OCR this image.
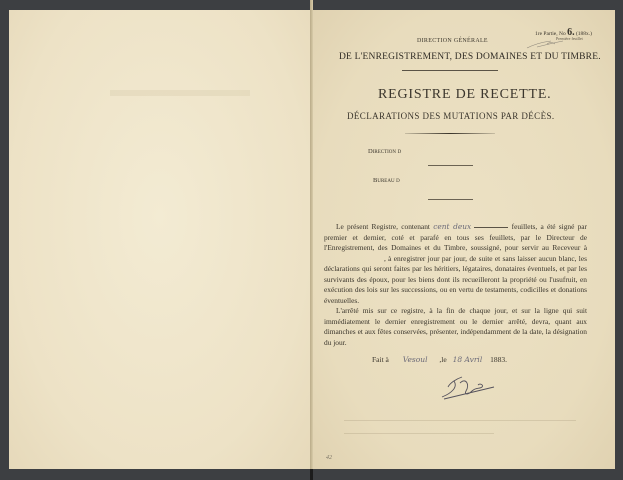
1re Partie, No 6. (188x.)
Première feuillet
DIRECTION GÉNÉRALE
DE L'ENREGISTREMENT, DES DOMAINES ET DU TIMBRE.
REGISTRE DE RECETTE.
DÉCLARATIONS DES MUTATIONS PAR DÉCÈS.
Direction d
Bureau d

Le présent Registre, contenant cent deux	feuillets, a été signé par premier et dernier, coté et parafé en tous ses feuillets, par le Directeur de l'Enregistrement, des Domaines et du Timbre, soussigné, pour servir au Receveur à , à enregistrer jour par jour, de suite et sans laisser aucun blanc, les déclarations qui seront faites par les héritiers, légataires, donataires éventuels, et par les survivants des époux, pour les biens dont ils recueilleront la propriété ou l'usufruit, en exécution des lois sur les successions, ou en vertu de testaments, codicilles et donations éventuelles.

L'arrêté mis sur ce registre, à la fin de chaque jour, et sur la ligne qui suit immédiatement le dernier enregistrement ou le dernier arrêté, devra, quant aux dimanches et aux fêtes conservées, présenter, indépendamment de la date, la désignation du jour.

Fait à Vesoul ,le 18 Avril 1883.
42
